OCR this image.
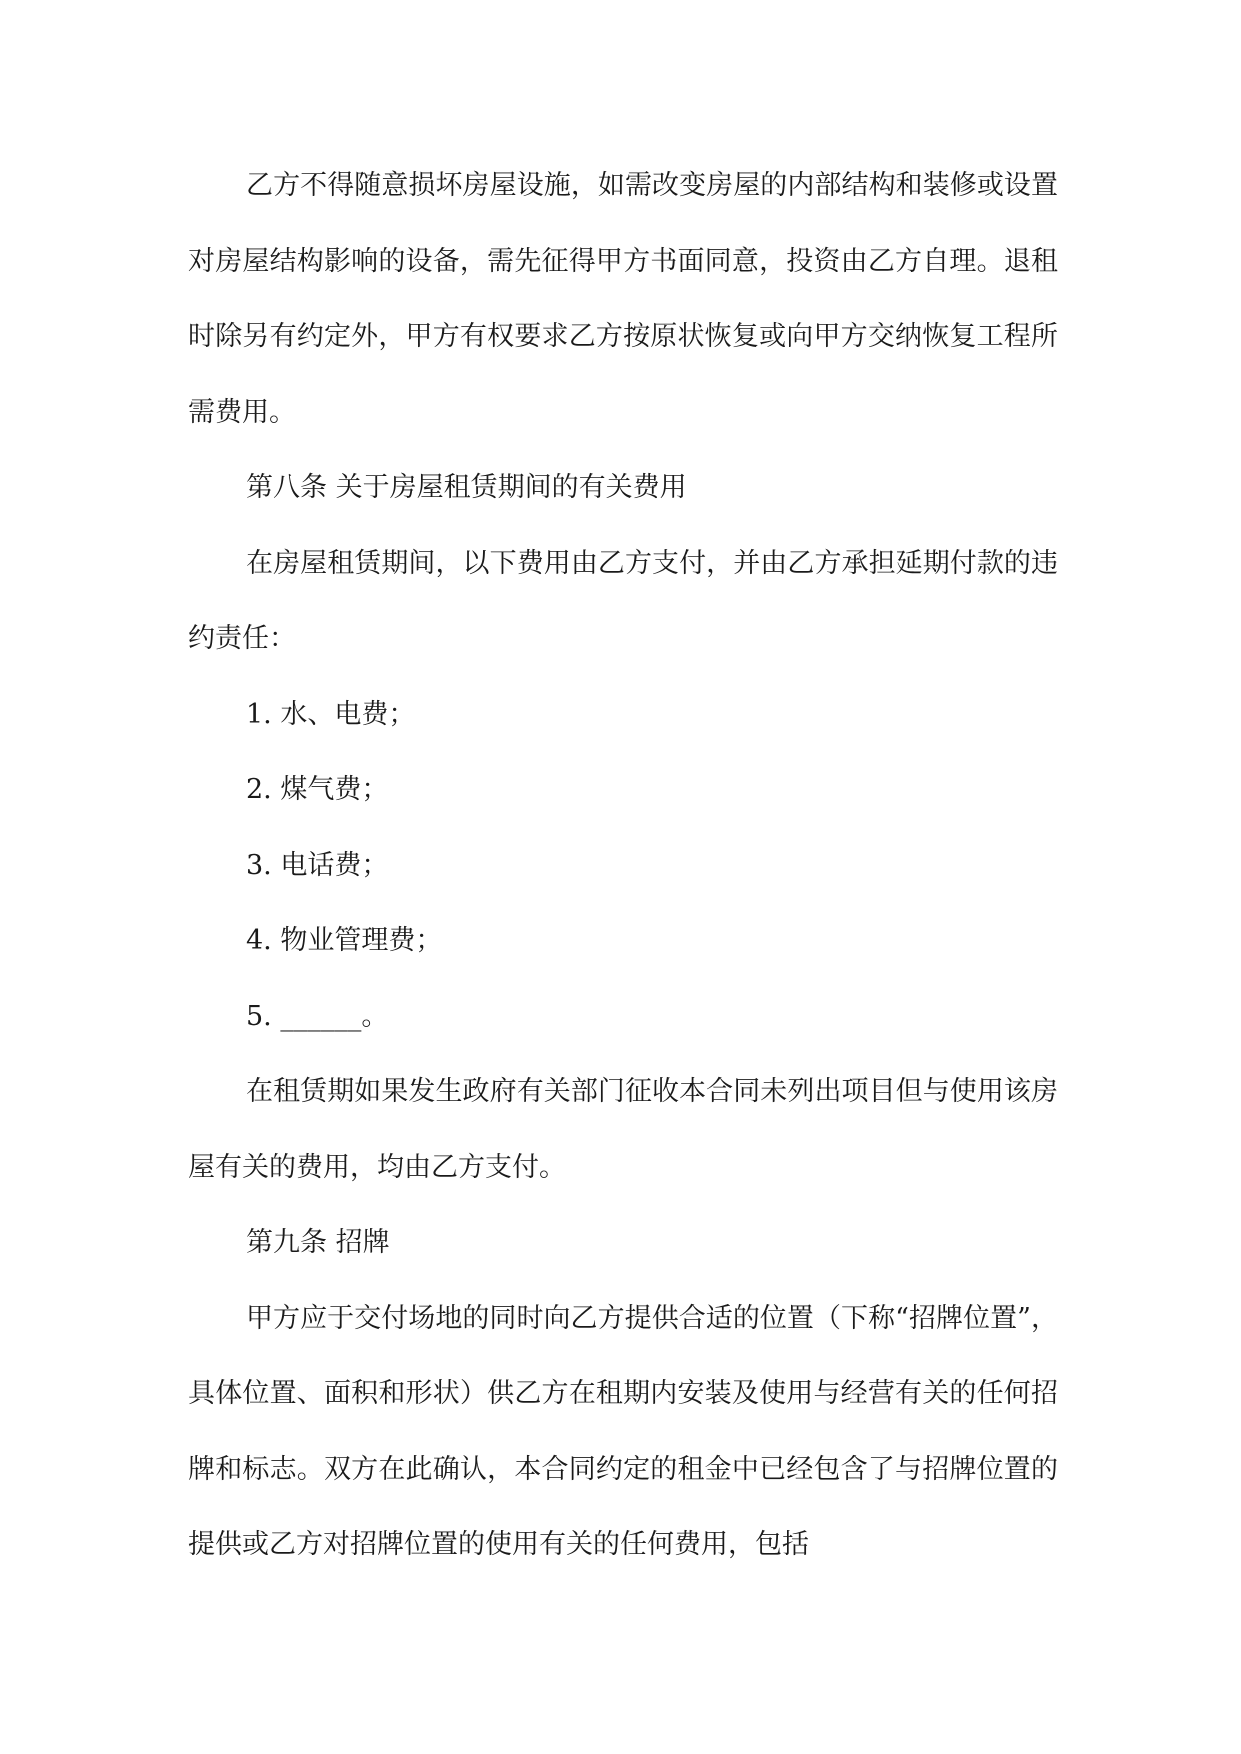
乙方不得随意损坏房屋设施，如需改变房屋的内部结构和装修或设置对房屋结构影响的设备，需先征得甲方书面同意，投资由乙方自理。退租时除另有约定外，甲方有权要求乙方按原状恢复或向甲方交纳恢复工程所需费用。

第八条 关于房屋租赁期间的有关费用

在房屋租赁期间，以下费用由乙方支付，并由乙方承担延期付款的违约责任：

1. 水、电费；

2. 煤气费；

3. 电话费；

4. 物业管理费；

5. ______。

在租赁期如果发生政府有关部门征收本合同未列出项目但与使用该房屋有关的费用，均由乙方支付。

第九条 招牌

甲方应于交付场地的同时向乙方提供合适的位置（下称“招牌位置”，具体位置、面积和形状）供乙方在租期内安装及使用与经营有关的任何招牌和标志。双方在此确认，本合同约定的租金中已经包含了与招牌位置的提供或乙方对招牌位置的使用有关的任何费用，包括
